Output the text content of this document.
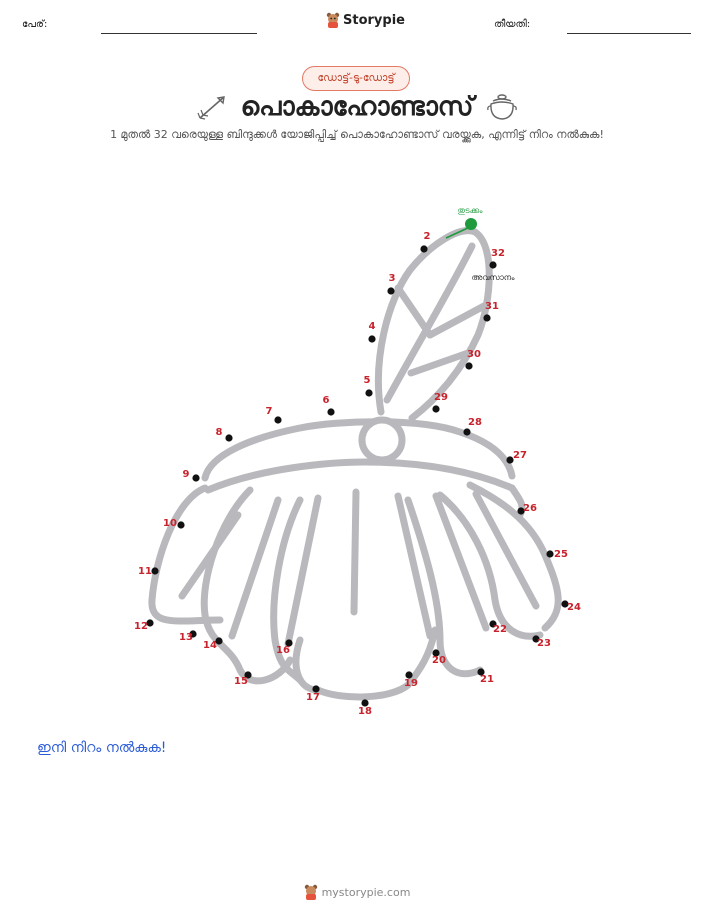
പേര്:	Storypie	തീയതി:
ഡോട്ട്-ടു-ഡോട്ട്
പൊകാഹോണ്ടാസ്
1 മുതൽ 32 വരെയുള്ള ബിന്ദുക്കൾ യോജിപ്പിച്ച് പൊകാഹോണ്ടാസ് വരയ്ക്കുക, എന്നിട്ട് നിറം നൽകുക!
തുടക്കം
അവസാനം
2
3
4
5
6
7
8
9
10
11
12
13
14
15
16
17
18
19
20
21
22
23
24
25
26
27
28
29
30
31
32
ഇനി നിറം നൽകുക!
mystorypie.com
